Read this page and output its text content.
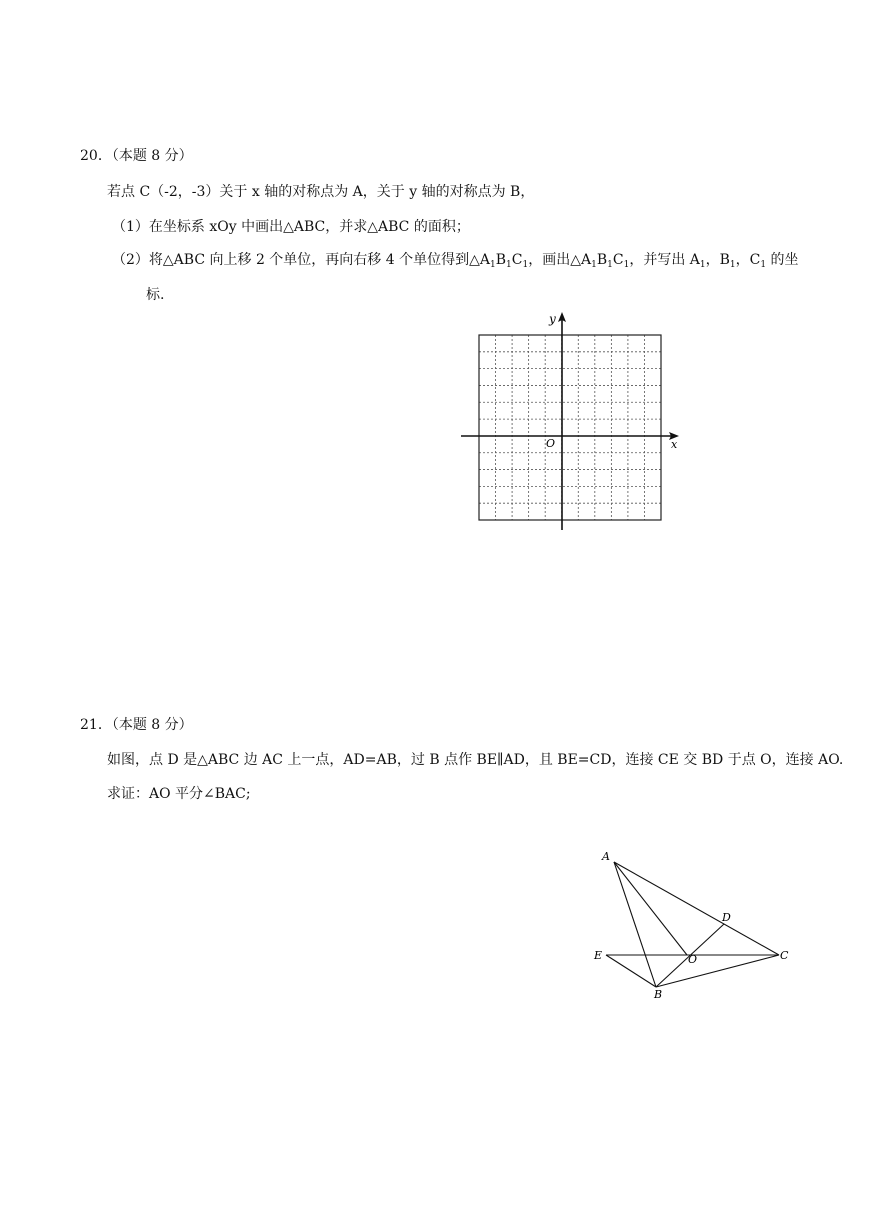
20．（本题 8 分）
若点 C（-2，-3）关于 x 轴的对称点为 A，关于 y 轴的对称点为 B，
（1）在坐标系 xOy 中画出△ABC，并求△ABC 的面积；
（2）将△ABC 向上移 2 个单位，再向右移 4 个单位得到$\triangle A_1B_1C_1$，画出$\triangle A_1B_1C_1$，并写出 $A_1$，$B_1$，$C_1$ 的坐
标.
x
y
O
21．（本题 8 分）
如图，点 D 是△ABC 边 AC 上一点，AD=AB，过 B 点作 BE∥AD，且 BE=CD，连接 CE 交 BD 于点 O，连接 AO.
求证：AO 平分∠BAC;
A
D
E	O	C
B
